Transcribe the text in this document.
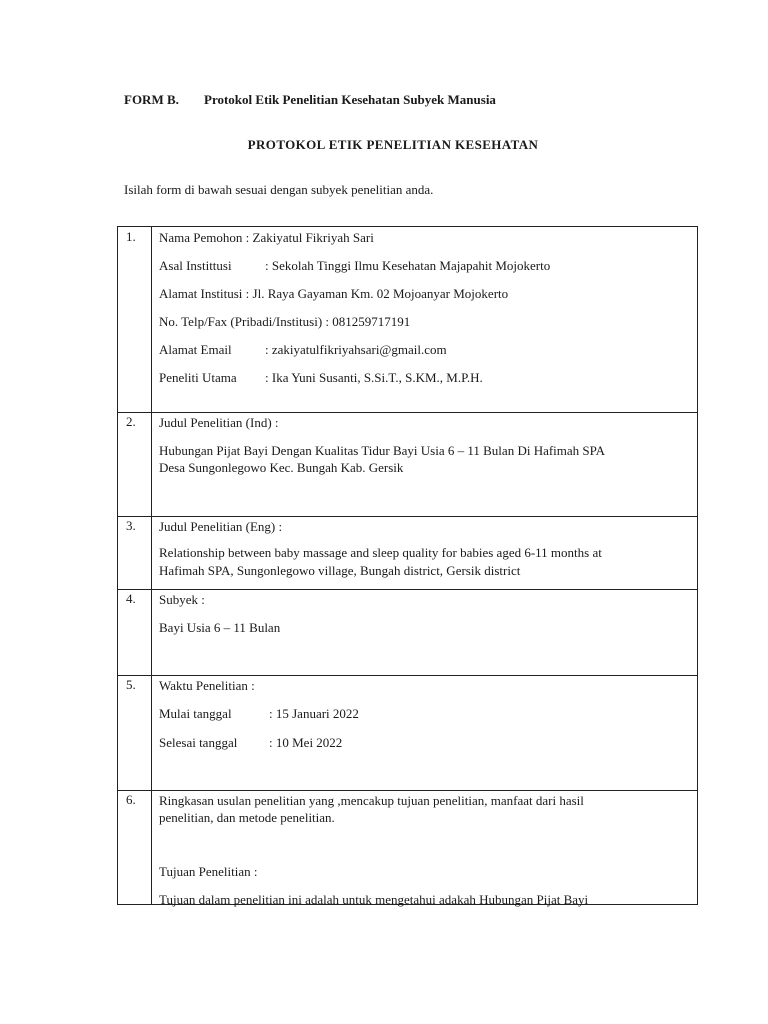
FORM B. Protokol Etik Penelitian Kesehatan Subyek Manusia
PROTOKOL ETIK PENELITIAN KESEHATAN
Isilah form di bawah sesuai dengan subyek penelitian anda.
1. Nama Pemohon : Zakiyatul Fikriyah Sari
Asal Instittusi	: Sekolah Tinggi Ilmu Kesehatan Majapahit Mojokerto
Alamat Institusi : Jl. Raya Gayaman Km. 02 Mojoanyar Mojokerto
No. Telp/Fax (Pribadi/Institusi) : 081259717191
Alamat Email	: zakiyatulfikriyahsari@gmail.com
Peneliti Utama : Ika Yuni Susanti, S.Si.T., S.KM., M.P.H.
2. Judul Penelitian (Ind) :
Hubungan Pijat Bayi Dengan Kualitas Tidur Bayi Usia 6 – 11 Bulan Di Hafimah SPA
Desa Sungonlegowo Kec. Bungah Kab. Gersik
3. Judul Penelitian (Eng) :
Relationship between baby massage and sleep quality for babies aged 6-11 months at
Hafimah SPA, Sungonlegowo village, Bungah district, Gersik district
4. Subyek :
Bayi Usia 6 – 11 Bulan
5. Waktu Penelitian :
Mulai tanggal	: 15 Januari 2022
Selesai tanggal : 10 Mei 2022
6. Ringkasan usulan penelitian yang ,mencakup tujuan penelitian, manfaat dari hasil
penelitian, dan metode penelitian.
Tujuan Penelitian :
Tujuan dalam penelitian ini adalah untuk mengetahui adakah Hubungan Pijat Bayi
